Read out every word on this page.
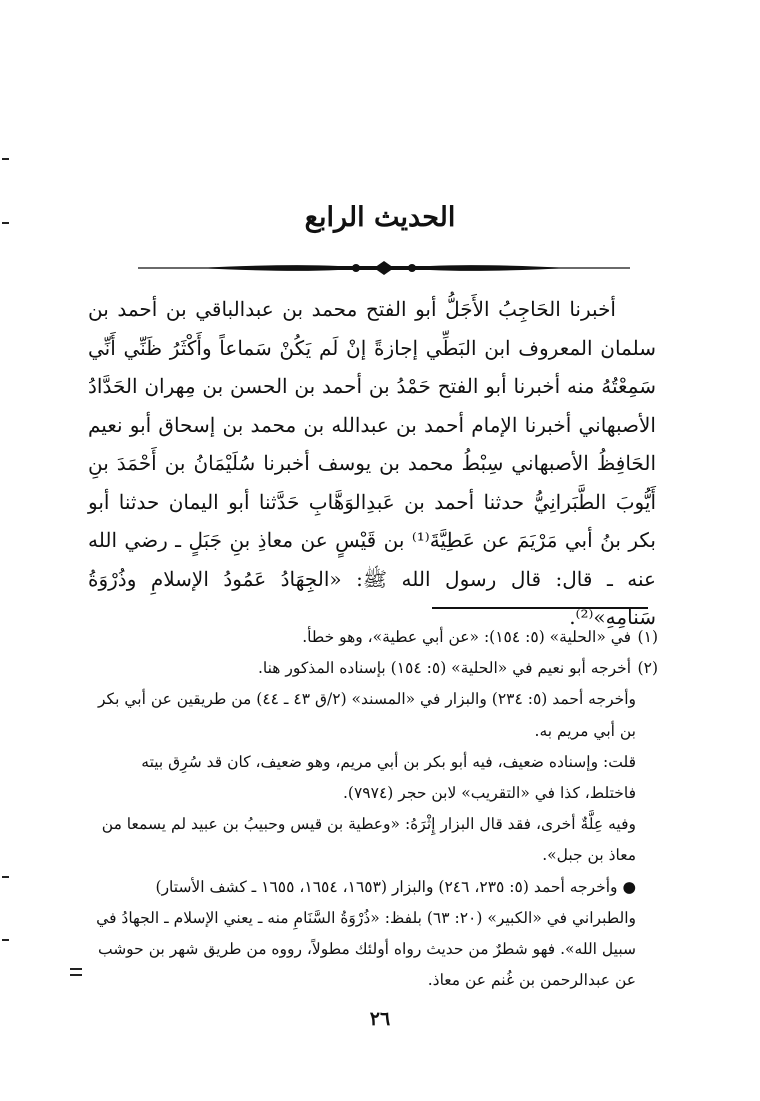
الحديث الرابع

أخبرنا الحَاجِبُ الأَجَلُّ أبو الفتح محمد بن عبدالباقي بن أحمد بن سلمان المعروف ابن البَطِّي إجازةً إنْ لَم يَكُنْ سَماعاً وأَكْثَرُ ظَنِّي أَنِّي سَمِعْتُهُ منه أخبرنا أبو الفتح حَمْدُ بن أحمد بن الحسن بن مِهران الحَدَّادُ الأصبهاني أخبرنا الإمام أحمد بن عبدالله بن محمد بن إسحاق أبو نعيم الحَافِظُ الأصبهاني سِبْطُ محمد بن يوسف أخبرنا سُلَيْمَانُ بن أَحْمَدَ بنِ أَيُّوبَ الطَّبَرانِيُّ حدثنا أحمد بن عَبدِالوَهَّابِ حَدَّثنا أبو اليمان حدثنا أبو بكر بنُ أبي مَرْيَمَ عن عَطِيَّةَ⁽¹⁾ بن قَيْسٍ عن معاذِ بنِ جَبَلٍ ـ رضي الله عنه ـ قال: قال رسول الله ﷺ: «الجِهَادُ عَمُودُ الإسلامِ وذُرْوَةُ سَنامِهِ»⁽²⁾.

(١) في «الحلية» (٥: ١٥٤): «عن أبي عطية»، وهو خطأ.

(٢) أخرجه أبو نعيم في «الحلية» (٥: ١٥٤) بإسناده المذكور هنا.

وأخرجه أحمد (٥: ٢٣٤) والبزار في «المسند» (٢/ق ٤٣ ـ ٤٤) من طريقين عن أبي بكر بن أبي مريم به.

قلت: وإسناده ضعيف، فيه أبو بكر بن أبي مريم، وهو ضعيف، كان قد سُرِق بيته فاختلط، كذا في «التقريب» لابن حجر (٧٩٧٤).

وفيه عِلَّةٌ أخرى، فقد قال البزار إِثْرَهُ: «وعطية بن قيس وحبيبُ بن عبيد لم يسمعا من معاذ بن جبل».

● وأخرجه أحمد (٥: ٢٣٥، ٢٤٦) والبزار (١٦٥٣، ١٦٥٤، ١٦٥٥ ـ كشف الأستار) والطبراني في «الكبير» (٢٠: ٦٣) بلفظ: «ذُرْوَةُ السَّنَامِ منه ـ يعني الإسلام ـ الجهادُ في سبيل الله». فهو شطرٌ من حديث رواه أولئك مطولاً، رووه من طريق شهر بن حوشب عن عبدالرحمن بن غُنم عن معاذ.

٢٦
